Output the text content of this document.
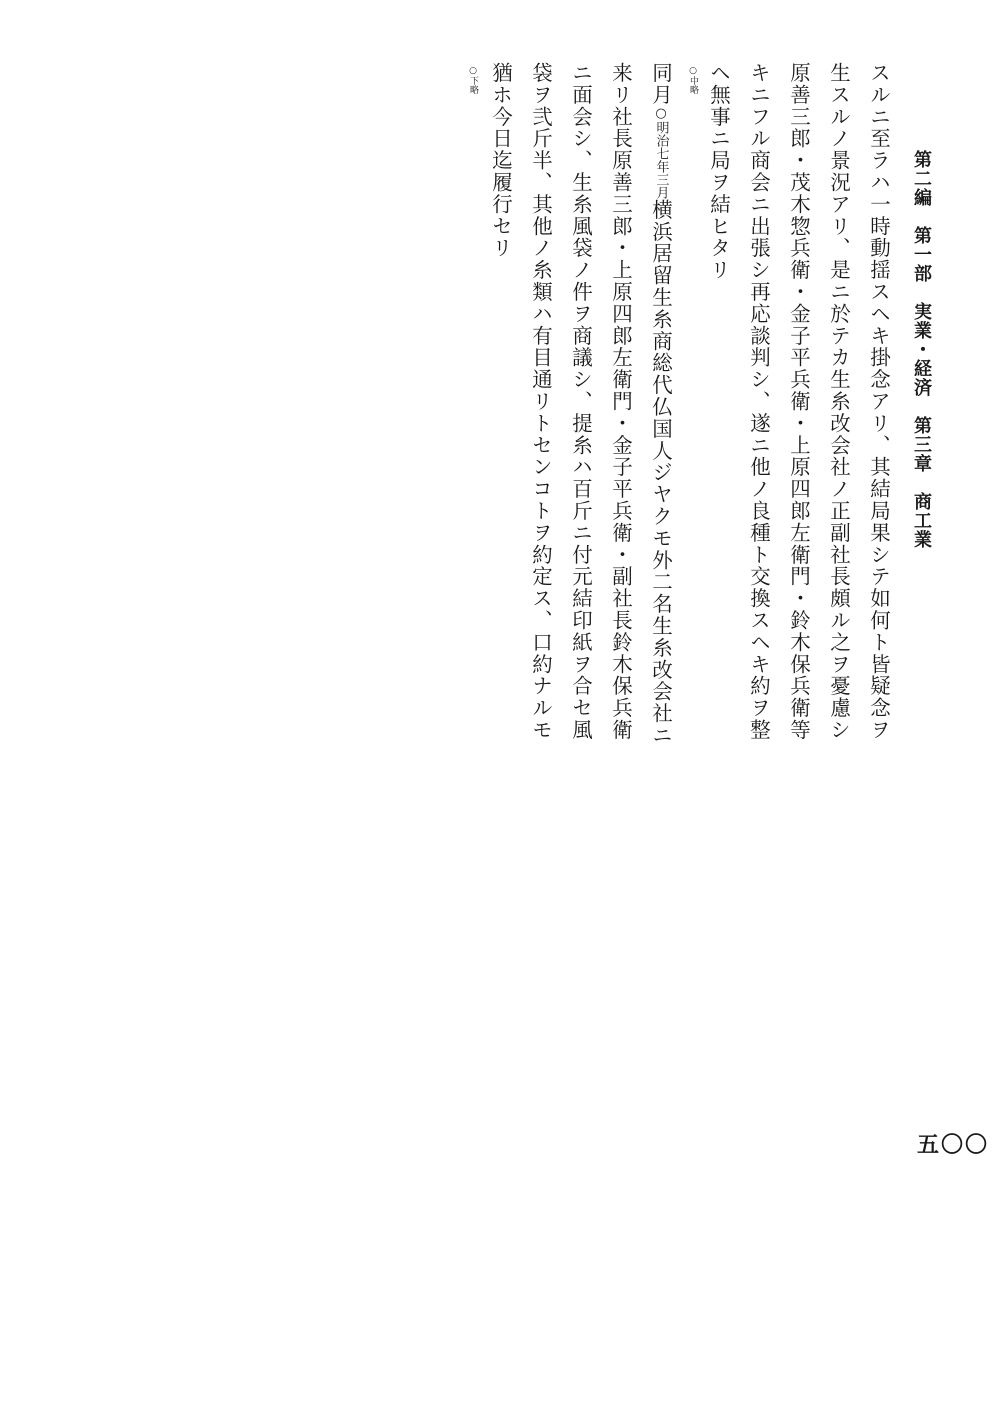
第二編　第一部　実業・経済　第三章　商工業
スルニ至ラハ一時動揺スヘキ掛念アリ、其結局果シテ如何ト皆疑念ヲ
生スルノ景況アリ、是ニ於テカ生糸改会社ノ正副社長頗ル之ヲ憂慮シ
原善三郎・茂木惣兵衛・金子平兵衛・上原四郎左衛門・鈴木保兵衛等
キニフル商会ニ出張シ再応談判シ、遂ニ他ノ良種ト交換スヘキ約ヲ整
ヘ無事ニ局ヲ結ヒタリ
○中略
同月○明治七年三月横浜居留生糸商総代仏国人ジヤクモ外二名生糸改会社ニ
来リ社長原善三郎・上原四郎左衛門・金子平兵衛・副社長鈴木保兵衛
ニ面会シ、生糸風袋ノ件ヲ商議シ、提糸ハ百斤ニ付元結印紙ヲ合セ風
袋ヲ弐斤半、其他ノ糸類ハ有目通リトセンコトヲ約定ス、口約ナルモ
猶ホ今日迄履行セリ
○下略
五〇〇
